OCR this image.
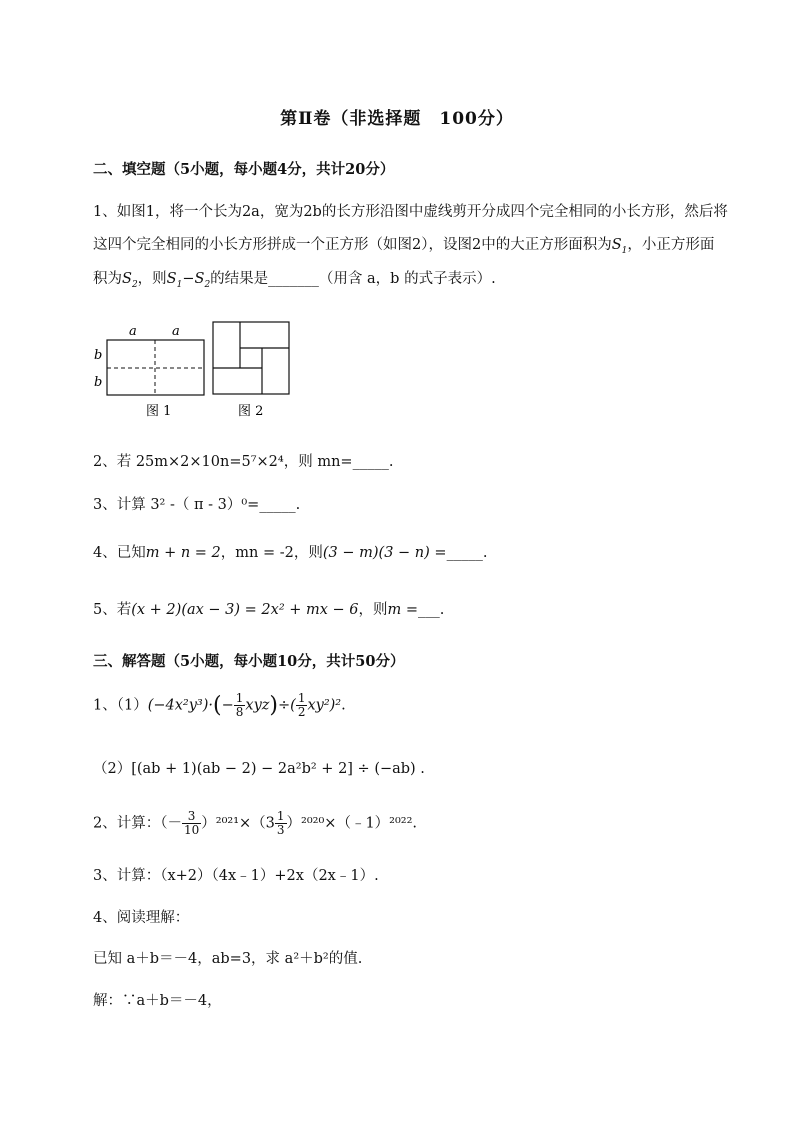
第Ⅱ卷（非选择题　100分）
二、填空题（5小题，每小题4分，共计20分）
1、如图1，将一个长为2a，宽为2b的长方形沿图中虚线剪开分成四个完全相同的小长方形，然后将
这四个完全相同的小长方形拼成一个正方形（如图2），设图2中的大正方形面积为$S_1$，小正方形面
积为$S_2$，则$S_1-S_2$的结果是_______（用含 a，b 的式子表示）.
a	a
b
b
图 1	图 2
2、若 25m×2×10n=5⁷×2⁴，则 mn=_____.
3、计算 3² -（ π - 3）⁰=_____.
4、已知m + n = 2，mn = -2，则(3 − m)(3 − n) =_____.
5、若(x + 2)(ax − 3) = 2x² + mx − 6，则m =___.
三、解答题（5小题，每小题10分，共计50分）
1、$(1)(-4x^2y^3)\cdot(- \frac{1}{8} xyz)\div( \frac{1}{2} xy^2)^2$.
（2）[(ab + 1)(ab − 2) − 2a²b² + 2] ÷ (−ab) .
2、计算：（－ $\frac{3}{10} )^{2021}\times(3 \frac{1}{3}$ ）²⁰²⁰×（﹣1）²⁰²².
3、计算：（x+2）（4x﹣1）+2x（2x﹣1）.
4、阅读理解：
已知 a＋b＝－4，ab=3，求 a²＋b²的值.
解：∵a＋b＝－4，
